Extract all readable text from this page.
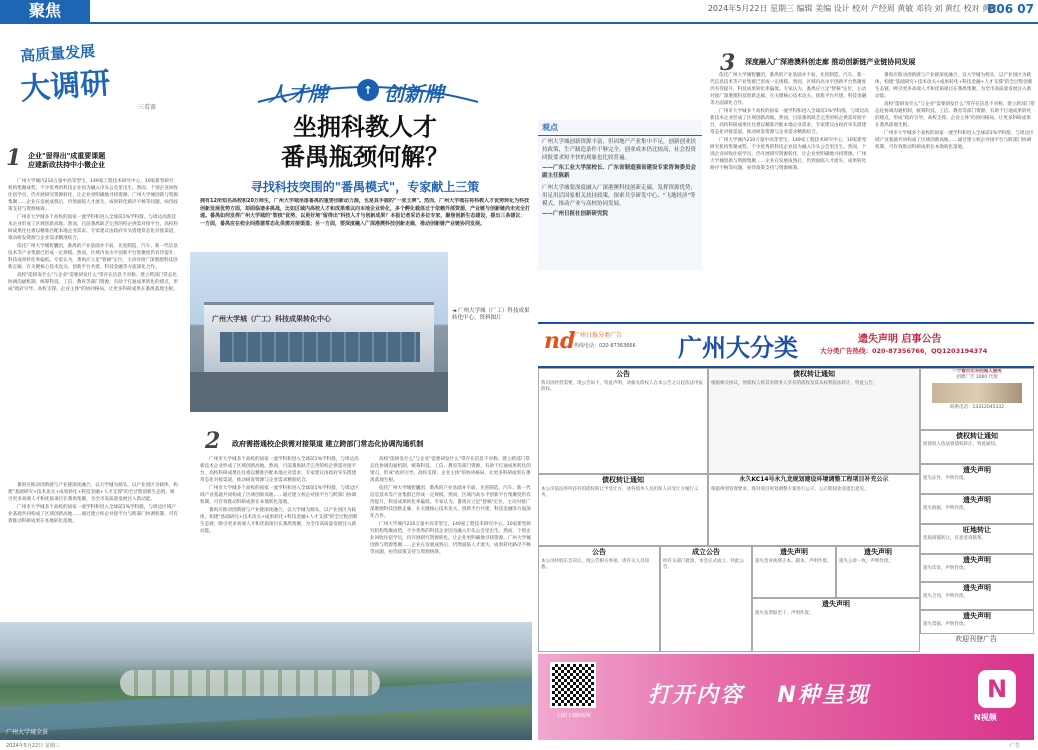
聚焦	2024年5月22日 星期三 编辑 美编 设计 校对 产经周 黄敏 邓钧 刘 黄红 校对 黄红
B06 07
高质量发展
大调研
三看赛
1 企业"留得出"成重要课题
应建新政扶持中小微企业

广州大学城内210万量中高等型宝，149家工程技术研究中心，10家新型研究机构集聚成势，不少优秀的科技企业因为融入巾头公会里出生。然而，个别企业回收住宿学员，仍开展研究资源转化，让企业更明确地寻找资源。广州大学城创新与资源集聚……企业在发展成熟后，仍然面临人才流失、成果转化路径不畅等问题，亟待政策支持与资源统筹。

广州市大学城多个高校的国家一流学科和进入全球前1%学科群，与周边高新技术企业形成了区域创新高地。然而，目前番禺缺乏完善的校企供需对接平台，高校科研成果往往难以精准匹配本地企业需求，专家建议由政府牵头搭建常态化对接渠道，推动研发资源与企业需求精准结合。

依托广州大学城智囊团，番禺的产业基础并不弱，先进制造、汽车、新一代信息技术等产业集群已形成一定规模。然而，区域内高水平创新平台集聚度仍有待提升，科技成果转化率偏低。专家认为，番禺应立足"智核"定位，主动对接广深港澳科技创新走廊，在关键核心技术攻关、创新平台共建、科技金融等方面深化合作。

高校"能研发什么"与企业"需要研发什么"常存在信息不对称。建立跨部门常态化协调沟通机制，统筹科技、工信、教育等部门资源，有助于打通成果转化的堵点，形成"政府引导、高校支撑、企业主体"的协同格局，让更多科研成果在番禺落地生根。

番禺应推动创新链与产业链深度融合，以大学城为源头，以产业园区为载体，构建"基础研究+技术攻关+成果转化+科技金融+人才支撑"的全过程创新生态链，吸引更多高端人才和优质项目在番禺集聚，为全市高质量发展注入新动能。

广州市大学城多个高校的国家一流学科和进入全球前1%学科群，与周边区域产业基础共同构成了区域创新高地……通过建立校企对接平台与跨部门协调机制，可有效推动科研成果在本地转化落地。

↑
人才牌	创新牌
坐拥科教人才
番禺瓶颈何解？
寻找科技突围的"番禺模式"，专家献上三策

拥有12所知名高校和20万师生，广州大学城坐落番禺的重要创新动力源，也是其手握的"一张王牌"。然而，广州大学城在将科教人才优势转化为科技创新发展优势方面，却面临诸多挑战，比如区域内高校人才和成果难以向本地企业转化，多个孵化载体过于依赖外部资源，产业链与创新链尚未完全打通。番禺如何发挥广州大学城的"智核"优势，以更好地"留得出"科技人才与创新成果？本报记者采访多位专家，聚焦创新生态建设，提出三条建议：一方面，番禺应在校企间搭建常态化供需对接渠道；另一方面，要深度融入广深港澳科技创新走廊，推动创新链产业链协同发展。

广州大学城（广工）科技成果转化中心
◄ 广州大学城（广工）科技成果转化中心。资料图片
广州大学城全景
2 政府需搭通校企供需对接渠道 建立跨部门常态化协调沟通机制

广州市大学城多个高校的国家一流学科和进入全球前1%学科群，与周边高新技术企业形成了区域创新高地。然而，目前番禺缺乏完善的校企供需对接平台，高校科研成果往往难以精准匹配本地企业需求，专家建议由政府牵头搭建常态化对接渠道，推动研发资源与企业需求精准结合。

广州市大学城多个高校的国家一流学科和进入全球前1%学科群，与周边区域产业基础共同构成了区域创新高地……通过建立校企对接平台与跨部门协调机制，可有效推动科研成果在本地转化落地。

番禺应推动创新链与产业链深度融合，以大学城为源头，以产业园区为载体，构建"基础研究+技术攻关+成果转化+科技金融+人才支撑"的全过程创新生态链，吸引更多高端人才和优质项目在番禺集聚，为全市高质量发展注入新动能。

高校"能研发什么"与企业"需要研发什么"常存在信息不对称。建立跨部门常态化协调沟通机制，统筹科技、工信、教育等部门资源，有助于打通成果转化的堵点，形成"政府引导、高校支撑、企业主体"的协同格局，让更多科研成果在番禺落地生根。

依托广州大学城智囊团，番禺的产业基础并不弱，先进制造、汽车、新一代信息技术等产业集群已形成一定规模。然而，区域内高水平创新平台集聚度仍有待提升，科技成果转化率偏低。专家认为，番禺应立足"智核"定位，主动对接广深港澳科技创新走廊，在关键核心技术攻关、创新平台共建、科技金融等方面深化合作。

广州大学城内210万量中高等型宝，149家工程技术研究中心，10家新型研究机构集聚成势，不少优秀的科技企业因为融入巾头公会里出生。然而，个别企业回收住宿学员，仍开展研究资源转化，让企业更明确地寻找资源。广州大学城创新与资源集聚……企业在发展成熟后，仍然面临人才流失、成果转化路径不畅等问题，亟待政策支持与资源统筹。

观点
广州大学城创新资源丰富，但因地产产业集中不足，创新创业扶持政策，生产制造条件不够完全，创业成本仍比较高，社会投资回报要求短平快的现象也比较普遍。
——广东工业大学原校长、广东省制造强省建设专家咨询委员会副主任陈新
广州大学城要深度融入广深港澳科技创新走廊，发挥资源优势，用足用活国家相关扶持政策，探索共享研发中心、"飞地经济"等模式，推动产业与高校协同发展。
——广州日报社创新研究院
3 深度融入广深港澳科创走廊 推动创新链产业链协同发展

依托广州大学城智囊团，番禺的产业基础并不弱，先进制造、汽车、新一代信息技术等产业集群已形成一定规模。然而，区域内高水平创新平台集聚度仍有待提升，科技成果转化率偏低。专家认为，番禺应立足"智核"定位，主动对接广深港澳科技创新走廊，在关键核心技术攻关、创新平台共建、科技金融等方面深化合作。

广州市大学城多个高校的国家一流学科和进入全球前1%学科群，与周边高新技术企业形成了区域创新高地。然而，目前番禺缺乏完善的校企供需对接平台，高校科研成果往往难以精准匹配本地企业需求，专家建议由政府牵头搭建常态化对接渠道，推动研发资源与企业需求精准结合。

广州大学城内210万量中高等型宝，149家工程技术研究中心，10家新型研究机构集聚成势，不少优秀的科技企业因为融入巾头公会里出生。然而，个别企业回收住宿学员，仍开展研究资源转化，让企业更明确地寻找资源。广州大学城创新与资源集聚……企业在发展成熟后，仍然面临人才流失、成果转化路径不畅等问题，亟待政策支持与资源统筹。

番禺应推动创新链与产业链深度融合，以大学城为源头，以产业园区为载体，构建"基础研究+技术攻关+成果转化+科技金融+人才支撑"的全过程创新生态链，吸引更多高端人才和优质项目在番禺集聚，为全市高质量发展注入新动能。

高校"能研发什么"与企业"需要研发什么"常存在信息不对称。建立跨部门常态化协调沟通机制，统筹科技、工信、教育等部门资源，有助于打通成果转化的堵点，形成"政府引导、高校支撑、企业主体"的协同格局，让更多科研成果在番禺落地生根。

广州市大学城多个高校的国家一流学科和进入全球前1%学科群，与周边区域产业基础共同构成了区域创新高地……通过建立校企对接平台与跨部门协调机制，可有效推动科研成果在本地转化落地。

nd
广州日报分类广告
热线电话：020-87363666 广州大分类	遗失声明 启事公告
大分类广告热线：020-87356766，QQ1203194374
公告
我司因经营需要，现公告如下，特此声明，请相关债权人自本公告之日起依法申报债权。
债权转让通知
根据相关协议，原债权人将其对债务人享有的债权及其从权利依法转让，特此公告。
债权转让通知
本公司依法将所持有的债权转让予受让方，请各债务人及担保人向受让方履行义务。
永久KC14号永九龙规划建设环境调整工程项目补充公示
根据规划管理要求，现对项目规划调整方案进行公示，公示期间欢迎提出意见。
公告
本公司经股东会决议，现公告相关事项，请有关人员知悉。
成立公告
经有关部门批准，本会正式成立，特此公告。
遗失声明
遗失营业执照正本、副本，声明作废。
遗失声明
遗失公章一枚，声明作废。
遗失声明
遗失发票联若干，声明作废。
一个看百比车的超人服务
招聘广告 1000 代理
联系电话：13312045332
债权转让通知
原债权人依法将债权转让，特此通知。
遗失声明
遗失证件，声明作废。
遗失声明
遗失收据，声明作废。
旺地转让
优质商铺转让，有意者请联系。
遗失声明
遗失印章，声明作废。
遗失声明
遗失合同，声明作废。
遗失声明
遗失票据，声明作废。
欢迎刊登广告
扫码下载N视频
打开内容 N种呈现	N
N视频
2024年5月22日 星期三	广告
